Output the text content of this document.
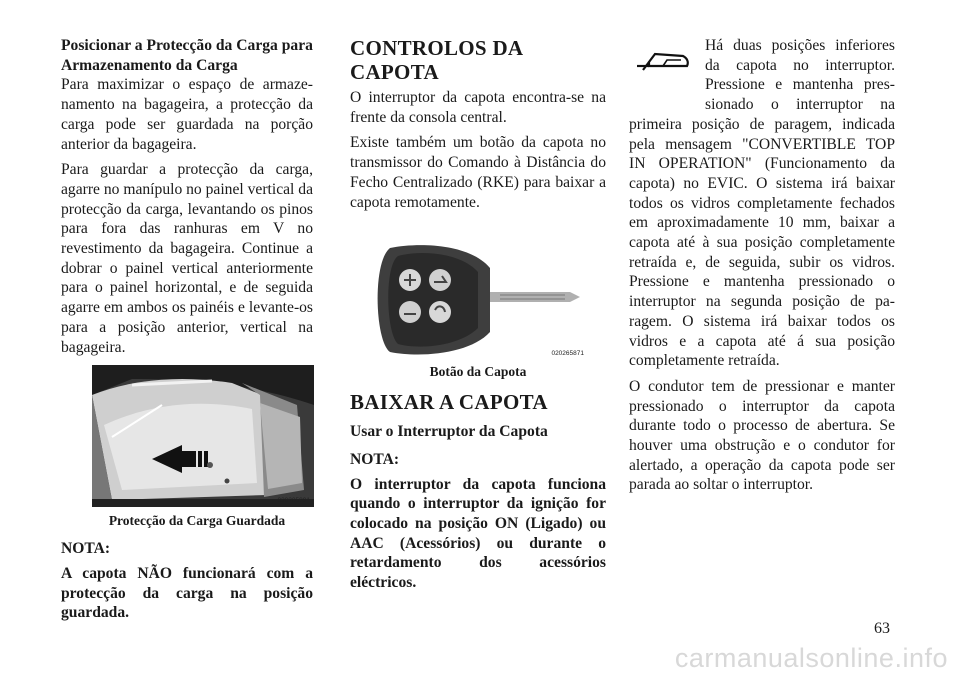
Posicionar a Protecção da Carga para Armazenamento da Carga

Para maximizar o espaço de armazenamento na bagageira, a protecção da carga pode ser guardada na porção anterior da bagageira.

Para guardar a protecção da carga, agarre no manípulo no painel vertical da protecção da carga, levantando os pinos para fora das ranhuras em V no revestimento da bagageira. Continue a dobrar o painel vertical anteriormente para o painel horizontal, e de seguida agarre em ambos os painéis e levante-os para a posição anterior, vertical na bagageira.

030205991
Protecção da Carga Guardada
NOTA:

A capota NÃO funcionará com a protecção da carga na posição guardada.

CONTROLOS DA CAPOTA

O interruptor da capota encontra-se na frente da consola central.

Existe também um botão da capota no transmissor do Comando à Distância do Fecho Centralizado (RKE) para baixar a capota remotamente.

020265871
Botão da Capota
BAIXAR A CAPOTA
Usar o Interruptor da Capota
NOTA:

O interruptor da capota funciona quando o interruptor da ignição for colocado na posição ON (Ligado) ou AAC (Acessórios) ou durante o retardamento dos acessórios eléctricos.

Há duas posições inferiores da capota no interruptor. Pressione e mantenha pressionado o interruptor na primeira posição de paragem, indicada pela mensagem "CONVERTIBLE TOP IN OPERATION" (Funcionamento da capota) no EVIC. O sistema irá baixar todos os vidros completamente fechados em aproximadamente 10 mm, baixar a capota até à sua posição completamente retraída e, de seguida, subir os vidros. Pressione e mantenha pressionado o interruptor na segunda posição de paragem. O sistema irá baixar todos os vidros e a capota até á sua posição completamente retraída.

O condutor tem de pressionar e manter pressionado o interruptor da capota durante todo o processo de abertura. Se houver uma obstrução e o condutor for alertado, a operação da capota pode ser parada ao soltar o interruptor.

63
carmanualsonline.info
